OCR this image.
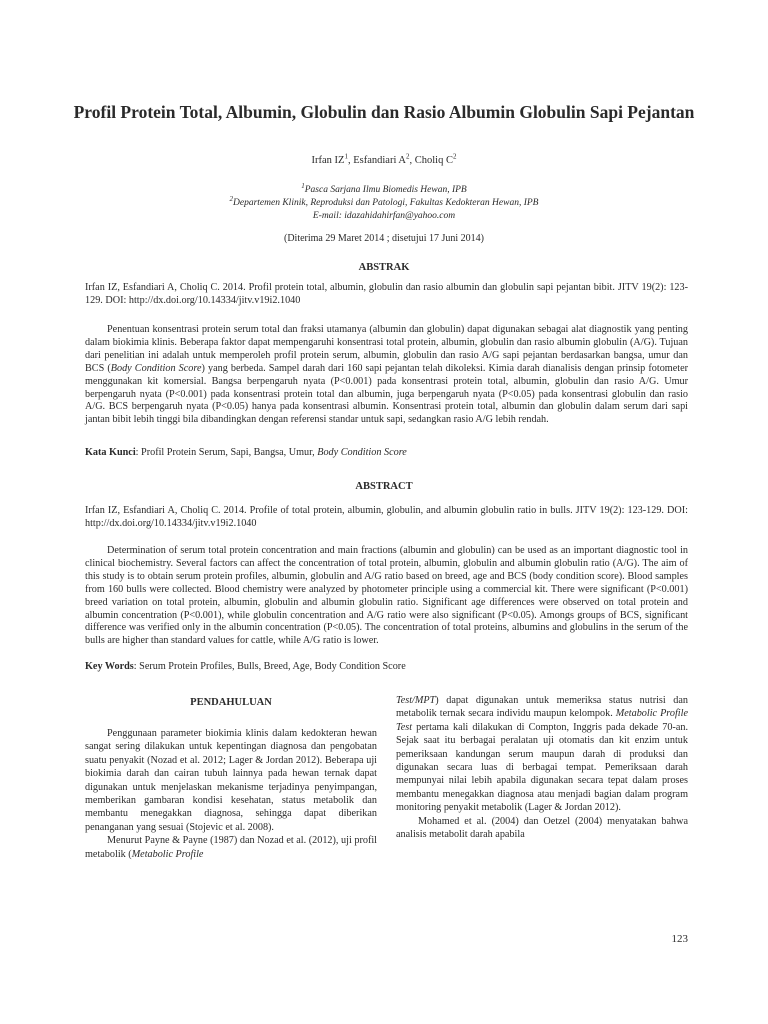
Profil Protein Total, Albumin, Globulin dan Rasio Albumin Globulin Sapi Pejantan
Irfan $IZ^1$, Esfandiari $A^2$, Choliq $C^2$
$^1$Pasca Sarjana Ilmu Biomedis Hewan, IPB
$^2$Departemen Klinik, Reproduksi dan Patologi, Fakultas Kedokteran Hewan, IPB
E-mail: idazahidahirfan@yahoo.com
(Diterima 29 Maret 2014 ; disetujui 17 Juni 2014)
ABSTRAK
Irfan IZ, Esfandiari A, Choliq C. 2014. Profil protein total, albumin, globulin dan rasio albumin dan globulin sapi pejantan bibit. JITV 19(2): 123-129. DOI: http://dx.doi.org/10.14334/jitv.v19i2.1040
Penentuan konsentrasi protein serum total dan fraksi utamanya (albumin dan globulin) dapat digunakan sebagai alat diagnostik yang penting dalam biokimia klinis. Beberapa faktor dapat mempengaruhi konsentrasi total protein, albumin, globulin dan rasio albumin globulin (A/G). Tujuan dari penelitian ini adalah untuk memperoleh profil protein serum, albumin, globulin dan rasio A/G sapi pejantan berdasarkan bangsa, umur dan BCS (Body Condition Score) yang berbeda. Sampel darah dari 160 sapi pejantan telah dikoleksi. Kimia darah dianalisis dengan prinsip fotometer menggunakan kit komersial. Bangsa berpengaruh nyata (P<0.001) pada konsentrasi protein total, albumin, globulin dan rasio A/G. Umur berpengaruh nyata (P<0.001) pada konsentrasi protein total dan albumin, juga berpengaruh nyata (P<0.05) pada konsentrasi globulin dan rasio A/G. BCS berpengaruh nyata (P<0.05) hanya pada konsentrasi albumin. Konsentrasi protein total, albumin dan globulin dalam serum dari sapi jantan bibit lebih tinggi bila dibandingkan dengan referensi standar untuk sapi, sedangkan rasio A/G lebih rendah.
Kata Kunci: Profil Protein Serum, Sapi, Bangsa, Umur, Body Condition Score
ABSTRACT
Irfan IZ, Esfandiari A, Choliq C. 2014. Profile of total protein, albumin, globulin, and albumin globulin ratio in bulls. JITV 19(2): 123-129. DOI: http://dx.doi.org/10.14334/jitv.v19i2.1040
Determination of serum total protein concentration and main fractions (albumin and globulin) can be used as an important diagnostic tool in clinical biochemistry. Several factors can affect the concentration of total protein, albumin, globulin and albumin globulin ratio (A/G). The aim of this study is to obtain serum protein profiles, albumin, globulin and A/G ratio based on breed, age and BCS (body condition score). Blood samples from 160 bulls were collected. Blood chemistry were analyzed by photometer principle using a commercial kit. There were significant (P<0.001) breed variation on total protein, albumin, globulin and albumin globulin ratio. Significant age differences were observed on total protein and albumin concentration (P<0.001), while globulin concentration and A/G ratio were also significant (P<0.05). Amongs groups of BCS, significant difference was verified only in the albumin concentration (P<0.05). The concentration of total proteins, albumins and globulins in the serum of the bulls are higher than standard values for cattle, while A/G ratio is lower.
Key Words: Serum Protein Profiles, Bulls, Breed, Age, Body Condition Score
PENDAHULUAN

Penggunaan parameter biokimia klinis dalam kedokteran hewan sangat sering dilakukan untuk kepentingan diagnosa dan pengobatan suatu penyakit (Nozad et al. 2012; Lager & Jordan 2012). Beberapa uji biokimia darah dan cairan tubuh lainnya pada hewan ternak dapat digunakan untuk menjelaskan mekanisme terjadinya penyimpangan, memberikan gambaran kondisi kesehatan, status metabolik dan membantu menegakkan diagnosa, sehingga dapat diberikan penanganan yang sesuai (Stojevic et al. 2008).

Menurut Payne & Payne (1987) dan Nozad et al. (2012), uji profil metabolik (Metabolic Profile

Test/MPT) dapat digunakan untuk memeriksa status nutrisi dan metabolik ternak secara individu maupun kelompok. Metabolic Profile Test pertama kali dilakukan di Compton, Inggris pada dekade 70-an. Sejak saat itu berbagai peralatan uji otomatis dan kit enzim untuk pemeriksaan kandungan serum maupun darah di produksi dan digunakan secara luas di berbagai tempat. Pemeriksaan darah mempunyai nilai lebih apabila digunakan secara tepat dalam proses membantu menegakkan diagnosa atau menjadi bagian dalam program monitoring penyakit metabolik (Lager & Jordan 2012).

Mohamed et al. (2004) dan Oetzel (2004) menyatakan bahwa analisis metabolit darah apabila

123
